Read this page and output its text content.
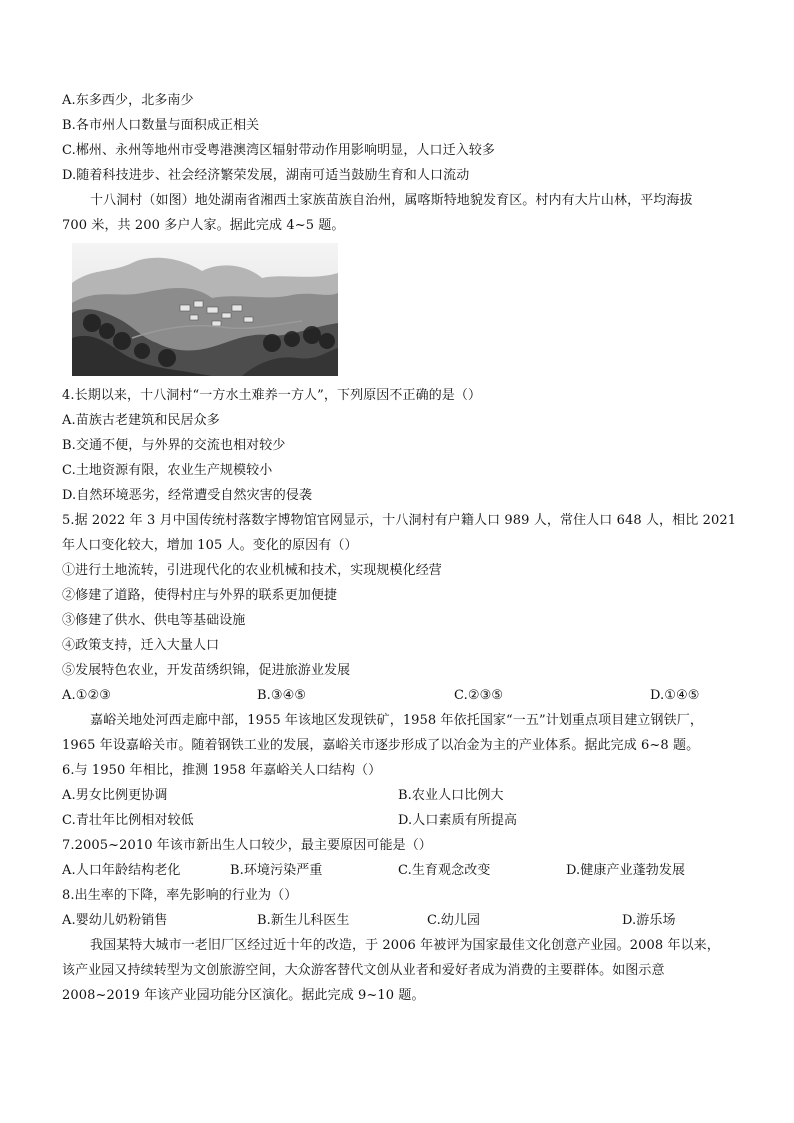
A.东多西少，北多南少
B.各市州人口数量与面积成正相关
C.郴州、永州等地州市受粤港澳湾区辐射带动作用影响明显，人口迁入较多
D.随着科技进步、社会经济繁荣发展，湖南可适当鼓励生育和人口流动
十八洞村（如图）地处湖南省湘西土家族苗族自治州，属喀斯特地貌发育区。村内有大片山林，平均海拔
700 米，共 200 多户人家。据此完成 4~5 题。
4.长期以来，十八洞村“一方水土难养一方人”，下列原因不正确的是（）
A.苗族古老建筑和民居众多
B.交通不便，与外界的交流也相对较少
C.土地资源有限，农业生产规模较小
D.自然环境恶劣，经常遭受自然灾害的侵袭
5.据 2022 年 3 月中国传统村落数字博物馆官网显示，十八洞村有户籍人口 989 人，常住人口 648 人，相比 2021
年人口变化较大，增加 105 人。变化的原因有（）
①进行土地流转，引进现代化的农业机械和技术，实现规模化经营
②修建了道路，使得村庄与外界的联系更加便捷
③修建了供水、供电等基础设施
④政策支持，迁入大量人口
⑤发展特色农业，开发苗绣织锦，促进旅游业发展
A.①②③	B.③④⑤	C.②③⑤	D.①④⑤
嘉峪关地处河西走廊中部，1955 年该地区发现铁矿，1958 年依托国家“一五”计划重点项目建立钢铁厂，
1965 年设嘉峪关市。随着钢铁工业的发展，嘉峪关市逐步形成了以冶金为主的产业体系。据此完成 6~8 题。
6.与 1950 年相比，推测 1958 年嘉峪关人口结构（）
A.男女比例更协调	B.农业人口比例大
C.青壮年比例相对较低	D.人口素质有所提高
7.2005~2010 年该市新出生人口较少，最主要原因可能是（）
A.人口年龄结构老化	B.环境污染严重	C.生育观念改变	D.健康产业蓬勃发展
8.出生率的下降，率先影响的行业为（）
A.婴幼儿奶粉销售	B.新生儿科医生	C.幼儿园	D.游乐场
我国某特大城市一老旧厂区经过近十年的改造，于 2006 年被评为国家最佳文化创意产业园。2008 年以来，
该产业园又持续转型为文创旅游空间，大众游客替代文创从业者和爱好者成为消费的主要群体。如图示意
2008~2019 年该产业园功能分区演化。据此完成 9~10 题。
